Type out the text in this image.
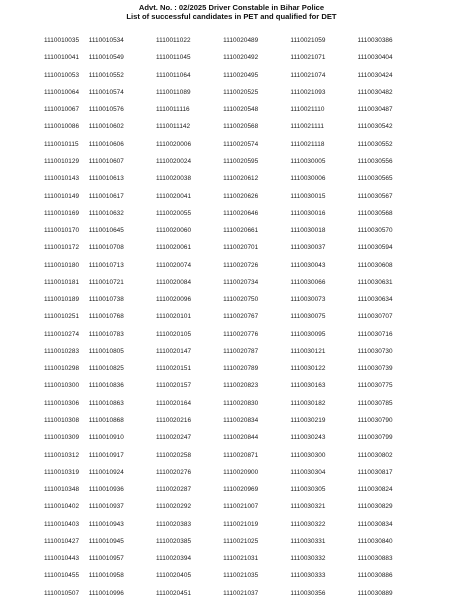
Advt. No. : 02/2025 Driver Constable in Bihar Police
List of successful candidates in PET and qualified for DET
1110010035	1110010534	1110011022	1110020489	1110021059	1110030386
1110010041	1110010549	1110011045	1110020492	1110021071	1110030404
1110010053	1110010552	1110011064	1110020495	1110021074	1110030424
1110010064	1110010574	1110011089	1110020525	1110021093	1110030482
1110010067	1110010576	1110011116	1110020548	1110021110	1110030487
1110010086	1110010602	1110011142	1110020568	1110021111	1110030542
1110010115	1110010606	1110020006	1110020574	1110021118	1110030552
1110010129	1110010607	1110020024	1110020595	1110030005	1110030556
1110010143	1110010613	1110020038	1110020612	1110030006	1110030565
1110010149	1110010617	1110020041	1110020626	1110030015	1110030567
1110010169	1110010632	1110020055	1110020646	1110030016	1110030568
1110010170	1110010645	1110020060	1110020661	1110030018	1110030570
1110010172	1110010708	1110020061	1110020701	1110030037	1110030594
1110010180	1110010713	1110020074	1110020726	1110030043	1110030608
1110010181	1110010721	1110020084	1110020734	1110030066	1110030631
1110010189	1110010738	1110020096	1110020750	1110030073	1110030634
1110010251	1110010768	1110020101	1110020767	1110030075	1110030707
1110010274	1110010783	1110020105	1110020776	1110030095	1110030716
1110010283	1110010805	1110020147	1110020787	1110030121	1110030730
1110010298	1110010825	1110020151	1110020789	1110030122	1110030739
1110010300	1110010836	1110020157	1110020823	1110030163	1110030775
1110010306	1110010863	1110020164	1110020830	1110030182	1110030785
1110010308	1110010868	1110020216	1110020834	1110030219	1110030790
1110010309	1110010910	1110020247	1110020844	1110030243	1110030799
1110010312	1110010917	1110020258	1110020871	1110030300	1110030802
1110010319	1110010924	1110020276	1110020900	1110030304	1110030817
1110010348	1110010936	1110020287	1110020969	1110030305	1110030824
1110010402	1110010937	1110020292	1110021007	1110030321	1110030829
1110010403	1110010943	1110020383	1110021019	1110030322	1110030834
1110010427	1110010945	1110020385	1110021025	1110030331	1110030840
1110010443	1110010957	1110020394	1110021031	1110030332	1110030883
1110010455	1110010958	1110020405	1110021035	1110030333	1110030886
1110010507	1110010996	1110020451	1110021037	1110030356	1110030889
